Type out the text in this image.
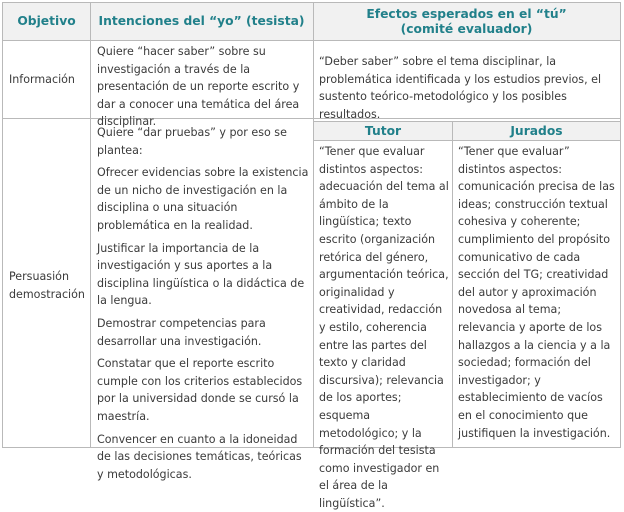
Objetivo Intenciones del “yo” (tesista)
Efectos esperados en el “tú”
(comité evaluador)
Información
Quiere “hacer saber” sobre su investigación a través de la presentación de un reporte escrito y dar a conocer una temática del área disciplinar.
“Deber saber” sobre el tema disciplinar, la problemática identificada y los estudios previos, el sustento teórico-metodológico y los posibles resultados.
Persuasión
demostración

Quiere “dar pruebas” y por eso se plantea:

Ofrecer evidencias sobre la existencia de un nicho de investigación en la disciplina o una situación problemática en la realidad.

Justificar la importancia de la investigación y sus aportes a la disciplina lingüística o la didáctica de la lengua.

Demostrar competencias para desarrollar una investigación.

Constatar que el reporte escrito cumple con los criterios establecidos por la universidad donde se cursó la maestría.

Convencer en cuanto a la idoneidad de las decisiones temáticas, teóricas y metodológicas.

Tutor	Jurados
“Tener que evaluar distintos aspectos: adecuación del tema al ámbito de la lingüística; texto escrito (organización retórica del género, argumentación teórica, originalidad y creatividad, redacción y estilo, coherencia entre las partes del texto y claridad discursiva); relevancia de los aportes; esquema metodológico; y la formación del tesista como investigador en el área de la lingüística”.
“Tener que evaluar” distintos aspectos: comunicación precisa de las ideas; construcción textual cohesiva y coherente; cumplimiento del propósito comunicativo de cada sección del TG; creatividad del autor y aproximación novedosa al tema; relevancia y aporte de los hallazgos a la ciencia y a la sociedad; formación del investigador; y establecimiento de vacíos en el conocimiento que justifiquen la investigación.
